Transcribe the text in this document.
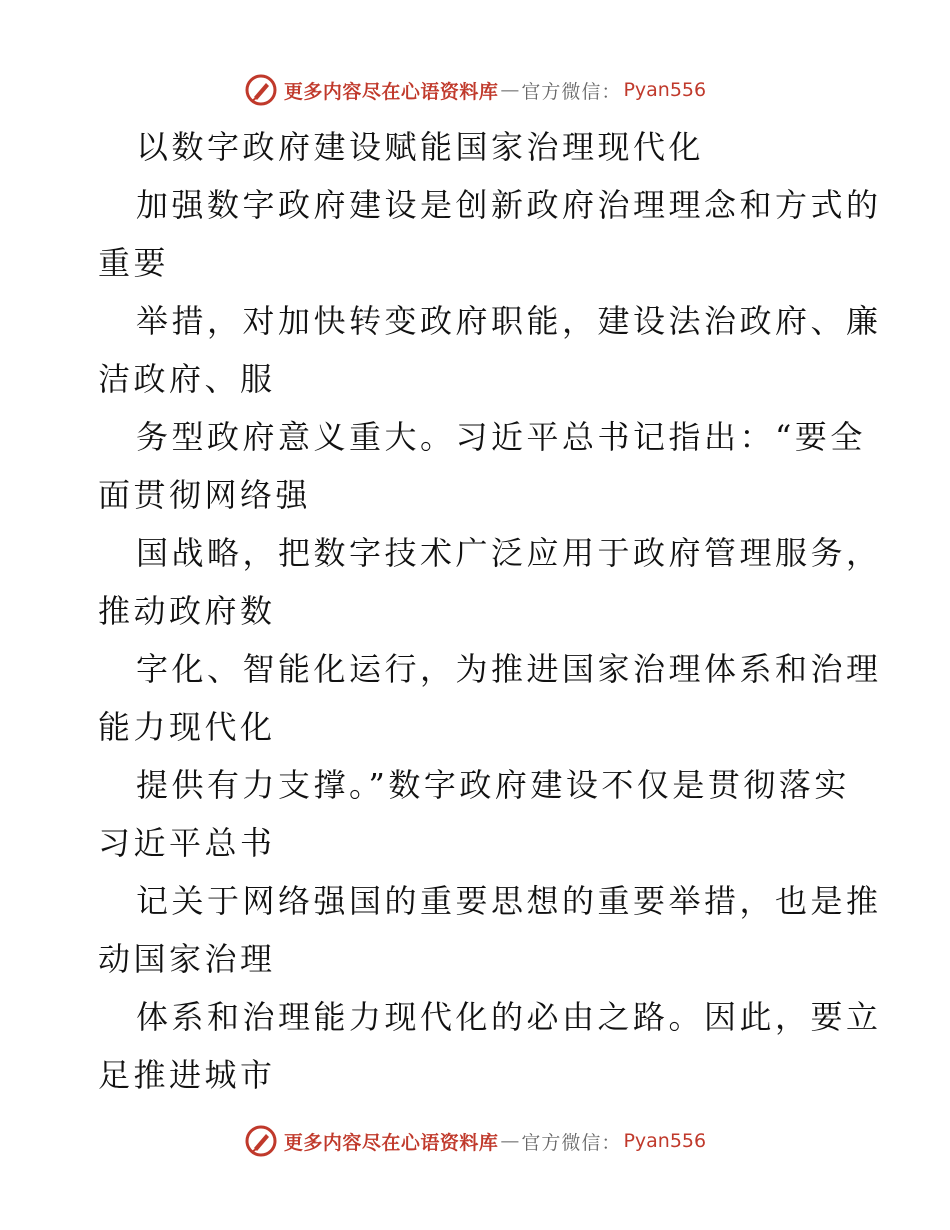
更多内容尽在心语资料库 — 官方微信： Pyan556
以数字政府建设赋能国家治理现代化
加强数字政府建设是创新政府治理理念和方式的
重要
举措，对加快转变政府职能，建设法治政府、廉
洁政府、服
务型政府意义重大。习近平总书记指出：“要全
面贯彻网络强
国战略，把数字技术广泛应用于政府管理服务，
推动政府数
字化、智能化运行，为推进国家治理体系和治理
能力现代化
提供有力支撑。”数字政府建设不仅是贯彻落实
习近平总书
记关于网络强国的重要思想的重要举措，也是推
动国家治理
体系和治理能力现代化的必由之路。因此，要立
足推进城市
更多内容尽在心语资料库 — 官方微信： Pyan556
